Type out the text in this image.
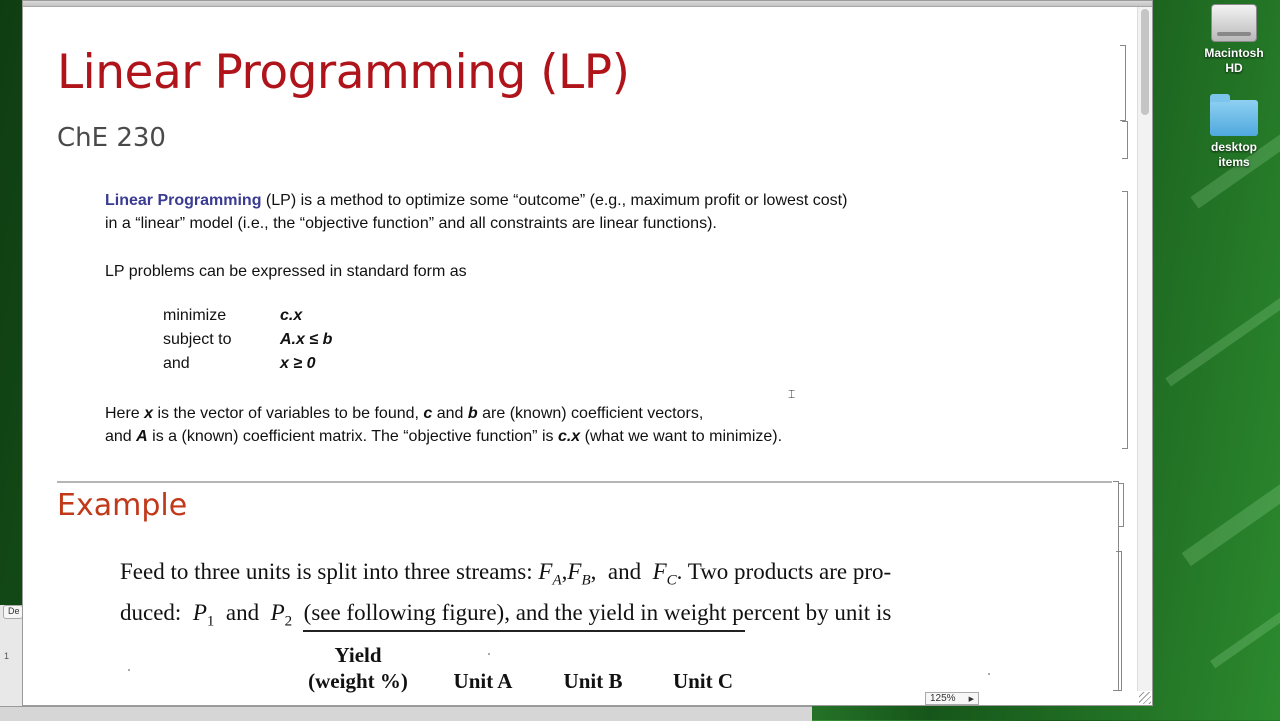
De
1
Linear Programming (LP)
ChE 230

Linear Programming (LP) is a method to optimize some “outcome” (e.g., maximum profit or lowest cost)
in a “linear” model (i.e., the “objective function” and all constraints are linear functions).

LP problems can be expressed in standard form as

minimize	c.x
subject to	A.x ≤ b
and	x ≥ 0
⌶

Here x is the vector of variables to be found, c and b are (known) coefficient vectors,
and A is a (known) coefficient matrix. The “objective function” is c.x (what we want to minimize).

Example
Feed to three units is split into three streams: $F_A,F_B$,  and  $F_C$. Two products are pro-
duced:  $P_1$  and  $P_2$  (see following figure), and the yield in weight percent by unit is
Yield
(weight %)	Unit A	Unit B	Unit C
125% ▶
Macintosh
HD
desktop
items
